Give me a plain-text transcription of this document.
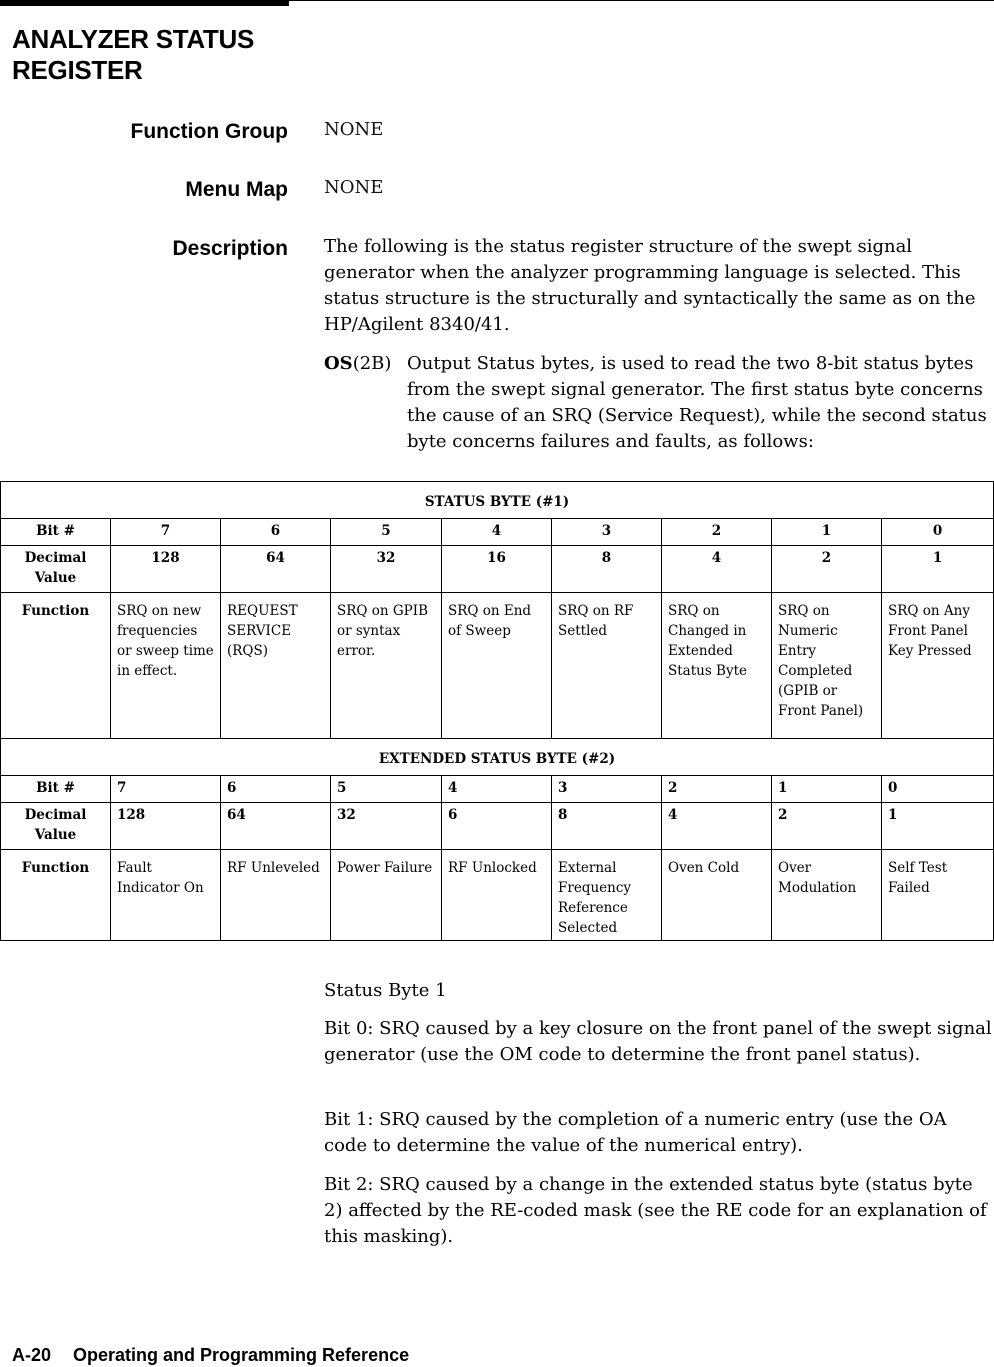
ANALYZER STATUS
REGISTER
Function Group NONE

Menu Map NONE

Description The following is the status register structure of the swept signal generator when the analyzer programming language is selected. This status structure is the structurally and syntactically the same as on the HP/Agilent 8340/41.

OS(2B) Output Status bytes, is used to read the two 8-bit status bytes from the swept signal generator. The first status byte concerns the cause of an SRQ (Service Request), while the second status byte concerns failures and faults, as follows:

STATUS BYTE (#1)								
Bit #	7	6	5	4	3	2	1	0
Decimal Value	128	64	32	16	8	4	2	1
Function	SRQ on new frequencies or sweep time in effect.	REQUEST SERVICE (RQS)	SRQ on GPIB or syntax error.	SRQ on End of Sweep	SRQ on RF Settled	SRQ on Changed in Extended Status Byte	SRQ on Numeric Entry Completed (GPIB or Front Panel)	SRQ on Any Front Panel Key Pressed
EXTENDED STATUS BYTE (#2)								
Bit #	7	6	5	4	3	2	1	0
Decimal Value	128	64	32	6	8	4	2	1
Function	Fault Indicator On	RF Unleveled	Power Failure	RF Unlocked	External Frequency Reference Selected	Oven Cold	Over Modulation	Self Test Failed

Status Byte 1

Bit 0: SRQ caused by a key closure on the front panel of the swept signal generator (use the OM code to determine the front panel status).

Bit 1: SRQ caused by the completion of a numeric entry (use the OA code to determine the value of the numerical entry).

Bit 2: SRQ caused by a change in the extended status byte (status byte 2) affected by the RE-coded mask (see the RE code for an explanation of this masking).

A-20 Operating and Programming Reference
